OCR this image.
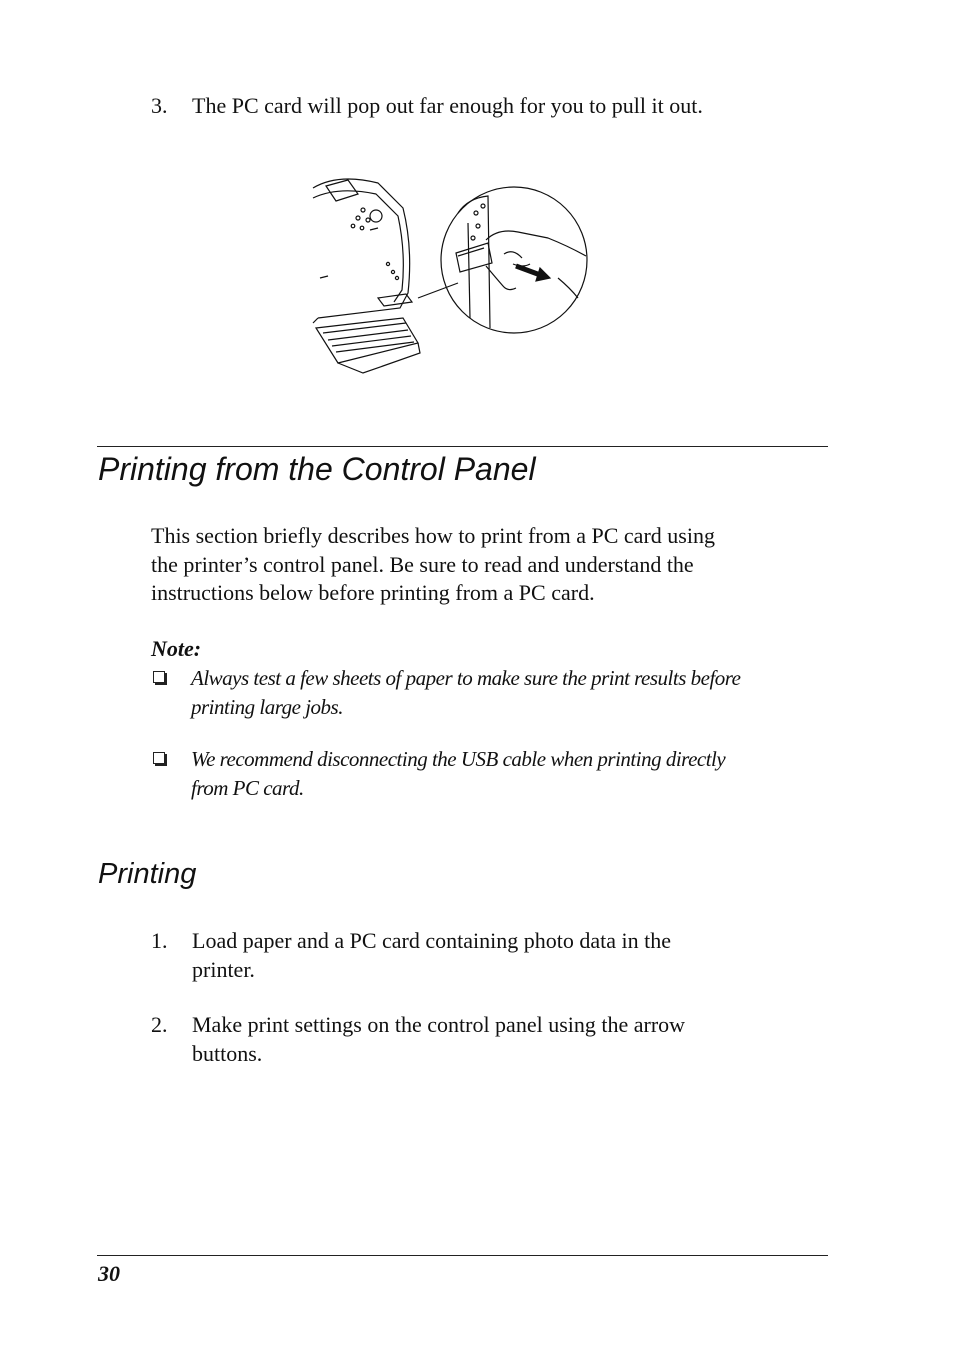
3. The PC card will pop out far enough for you to pull it out.
Printing from the Control Panel
This section briefly describes how to print from a PC card using
the printer’s control panel. Be sure to read and understand the
instructions below before printing from a PC card.
Note:
Always test a few sheets of paper to make sure the print results before
printing large jobs.
We recommend disconnecting the USB cable when printing directly
from PC card.
Printing
1. Load paper and a PC card containing photo data in the
printer.
2. Make print settings on the control panel using the arrow
buttons.
30
